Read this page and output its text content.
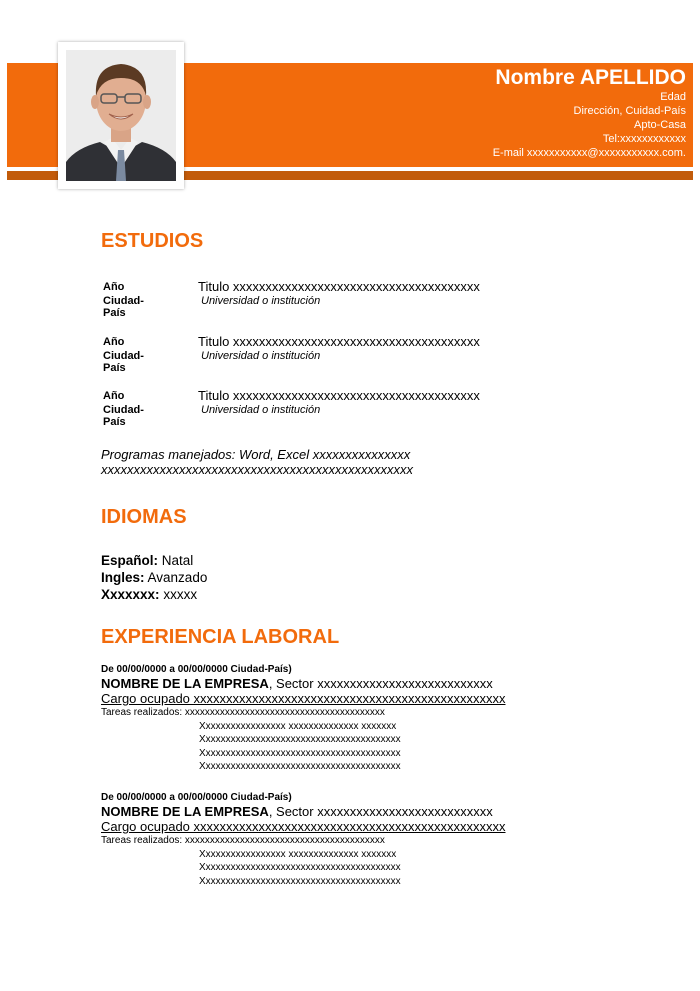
Nombre APELLIDO
Edad
Dirección, Cuidad-País
Apto-Casa
Tel:xxxxxxxxxxxx
E-mail xxxxxxxxxxx@xxxxxxxxxxx.com.
ESTUDIOS
Año
Ciudad-País
Titulo xxxxxxxxxxxxxxxxxxxxxxxxxxxxxxxxxxxxxx
Universidad o institución
Año
Ciudad-País
Titulo xxxxxxxxxxxxxxxxxxxxxxxxxxxxxxxxxxxxxx
Universidad o institución
Año
Ciudad-País
Titulo xxxxxxxxxxxxxxxxxxxxxxxxxxxxxxxxxxxxxx
Universidad o institución
Programas manejados: Word, Excel xxxxxxxxxxxxxxx
xxxxxxxxxxxxxxxxxxxxxxxxxxxxxxxxxxxxxxxxxxxxxxxx
IDIOMAS
Español: Natal
Ingles: Avanzado
Xxxxxxx: xxxxx
EXPERIENCIA LABORAL
De 00/00/0000 a 00/00/0000 Ciudad-País)
NOMBRE DE LA EMPRESA, Sector xxxxxxxxxxxxxxxxxxxxxxxxxxx
Cargo ocupado xxxxxxxxxxxxxxxxxxxxxxxxxxxxxxxxxxxxxxxxxxxxxxxx
Tareas realizados: xxxxxxxxxxxxxxxxxxxxxxxxxxxxxxxxxxxxxxxx
Xxxxxxxxxxxxxxxxx xxxxxxxxxxxxxx xxxxxxx
Xxxxxxxxxxxxxxxxxxxxxxxxxxxxxxxxxxxxxxxx
Xxxxxxxxxxxxxxxxxxxxxxxxxxxxxxxxxxxxxxxx
Xxxxxxxxxxxxxxxxxxxxxxxxxxxxxxxxxxxxxxxx
De 00/00/0000 a 00/00/0000 Ciudad-País)
NOMBRE DE LA EMPRESA, Sector xxxxxxxxxxxxxxxxxxxxxxxxxxx
Cargo ocupado xxxxxxxxxxxxxxxxxxxxxxxxxxxxxxxxxxxxxxxxxxxxxxxx
Tareas realizados: xxxxxxxxxxxxxxxxxxxxxxxxxxxxxxxxxxxxxxxx
Xxxxxxxxxxxxxxxxx xxxxxxxxxxxxxx xxxxxxx
Xxxxxxxxxxxxxxxxxxxxxxxxxxxxxxxxxxxxxxxx
Xxxxxxxxxxxxxxxxxxxxxxxxxxxxxxxxxxxxxxxx
